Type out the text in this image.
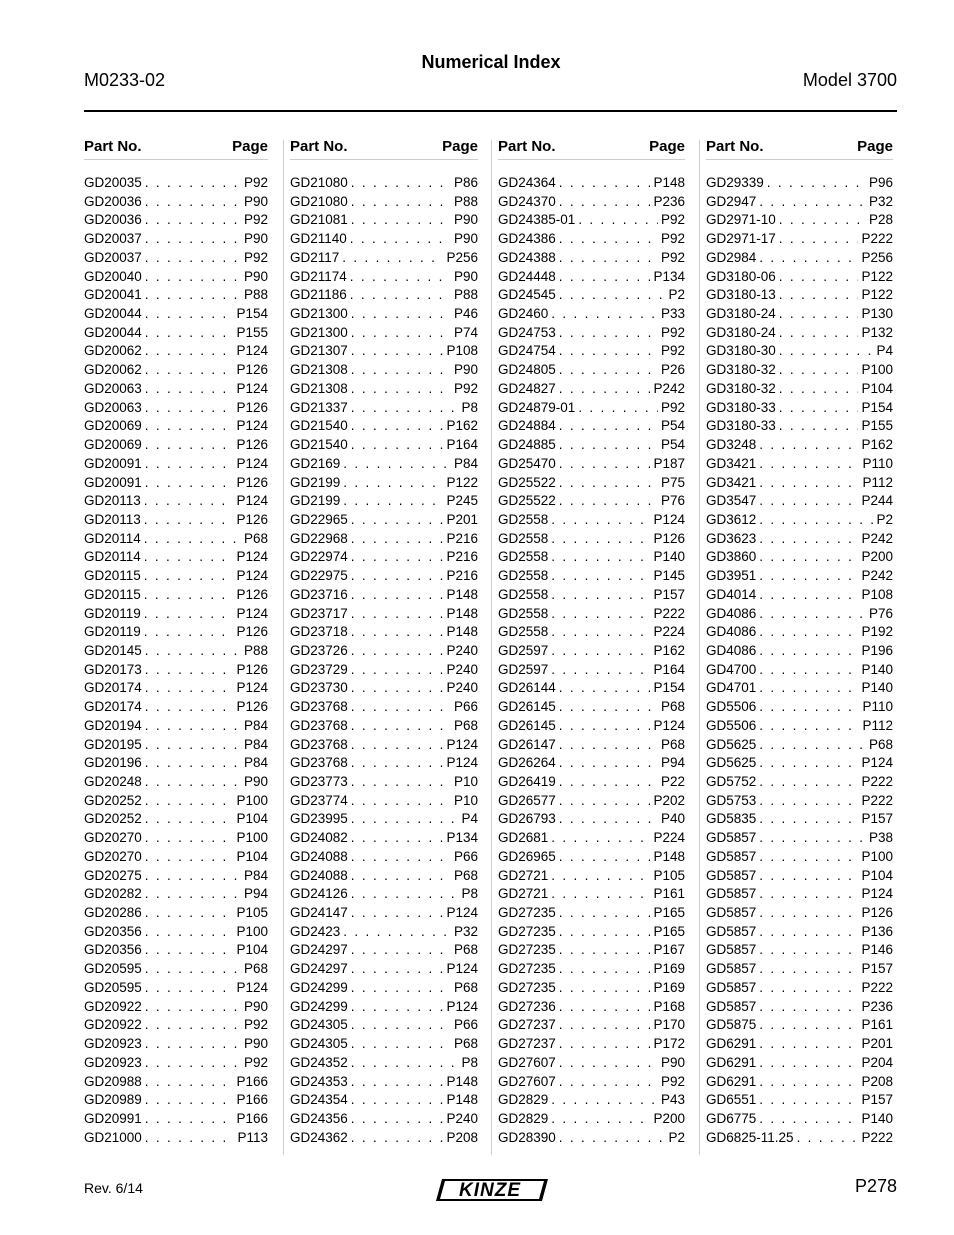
Numerical Index
M0233-02	Model 3700
Part No.	Page
GD20035 . . .	P92
GD20036 . . .	P90
GD20036 . . .	P92
GD20037 . . .	P90
GD20037 . . .	P92
GD20040 . . .	P90
GD20041 . . .	P88
GD20044 . . .	P154
GD20044 . . .	P155
GD20062 . . .	P124
GD20062 . . .	P126
GD20063 . . .	P124
GD20063 . . .	P126
GD20069 . . .	P124
GD20069 . . .	P126
GD20091 . . .	P124
GD20091 . . .	P126
GD20113 . . .	P124
GD20113 . . .	P126
GD20114 . . .	P68
GD20114 . . .	P124
GD20115 . . .	P124
GD20115 . . .	P126
GD20119 . . .	P124
GD20119 . . .	P126
GD20145 . . .	P88
GD20173 . . .	P126
GD20174 . . .	P124
GD20174 . . .	P126
GD20194 . . .	P84
GD20195 . . .	P84
GD20196 . . .	P84
GD20248 . . .	P90
GD20252 . . .	P100
GD20252 . . .	P104
GD20270 . . .	P100
GD20270 . . .	P104
GD20275 . . .	P84
GD20282 . . .	P94
GD20286 . . .	P105
GD20356 . . .	P100
GD20356 . . .	P104
GD20595 . . .	P68
GD20595 . . .	P124
GD20922 . . .	P90
GD20922 . . .	P92
GD20923 . . .	P90
GD20923 . . .	P92
GD20988 . . .	P166
GD20989 . . .	P166
GD20991 . . .	P166
GD21000 . . .	P113
Part No.	Page
GD21080 . . .	P86
GD21080 . . .	P88
GD21081 . . .	P90
GD21140 . . .	P90
GD2117 . . .	P256
GD21174 . . .	P90
GD21186 . . .	P88
GD21300 . . .	P46
GD21300 . . .	P74
GD21307 . . .	P108
GD21308 . . .	P90
GD21308 . . .	P92
GD21337 . . .	P8
GD21540 . . .	P162
GD21540 . . .	P164
GD2169 . . .	P84
GD2199 . . .	P122
GD2199 . . .	P245
GD22965 . . .	P201
GD22968 . . .	P216
GD22974 . . .	P216
GD22975 . . .	P216
GD23716 . . .	P148
GD23717 . . .	P148
GD23718 . . .	P148
GD23726 . . .	P240
GD23729 . . .	P240
GD23730 . . .	P240
GD23768 . . .	P66
GD23768 . . .	P68
GD23768 . . .	P124
GD23768 . . .	P124
GD23773 . . .	P10
GD23774 . . .	P10
GD23995 . . .	P4
GD24082 . . .	P134
GD24088 . . .	P66
GD24088 . . .	P68
GD24126 . . .	P8
GD24147 . . .	P124
GD2423 . . .	P32
GD24297 . . .	P68
GD24297 . . .	P124
GD24299 . . .	P68
GD24299 . . .	P124
GD24305 . . .	P66
GD24305 . . .	P68
GD24352 . . .	P8
GD24353 . . .	P148
GD24354 . . .	P148
GD24356 . . .	P240
GD24362 . . .	P208
Part No.	Page
GD24364 . . .	P148
GD24370 . . .	P236
GD24385-01 . . .	P92
GD24386 . . .	P92
GD24388 . . .	P92
GD24448 . . .	P134
GD24545 . . .	P2
GD2460 . . .	P33
GD24753 . . .	P92
GD24754 . . .	P92
GD24805 . . .	P26
GD24827 . . .	P242
GD24879-01 . . .	P92
GD24884 . . .	P54
GD24885 . . .	P54
GD25470 . . .	P187
GD25522 . . .	P75
GD25522 . . .	P76
GD2558 . . .	P124
GD2558 . . .	P126
GD2558 . . .	P140
GD2558 . . .	P145
GD2558 . . .	P157
GD2558 . . .	P222
GD2558 . . .	P224
GD2597 . . .	P162
GD2597 . . .	P164
GD26144 . . .	P154
GD26145 . . .	P68
GD26145 . . .	P124
GD26147 . . .	P68
GD26264 . . .	P94
GD26419 . . .	P22
GD26577 . . .	P202
GD26793 . . .	P40
GD2681 . . .	P224
GD26965 . . .	P148
GD2721 . . .	P105
GD2721 . . .	P161
GD27235 . . .	P165
GD27235 . . .	P165
GD27235 . . .	P167
GD27235 . . .	P169
GD27235 . . .	P169
GD27236 . . .	P168
GD27237 . . .	P170
GD27237 . . .	P172
GD27607 . . .	P90
GD27607 . . .	P92
GD2829 . . .	P43
GD2829 . . .	P200
GD28390 . . .	P2
Part No.	Page
GD29339 . . .	P96
GD2947 . . .	P32
GD2971-10 . . .	P28
GD2971-17 . . .	P222
GD2984 . . .	P256
GD3180-06 . . .	P122
GD3180-13 . . .	P122
GD3180-24 . . .	P130
GD3180-24 . . .	P132
GD3180-30 . . .	P4
GD3180-32 . . .	P100
GD3180-32 . . .	P104
GD3180-33 . . .	P154
GD3180-33 . . .	P155
GD3248 . . .	P162
GD3421 . . .	P110
GD3421 . . .	P112
GD3547 . . .	P244
GD3612 . . .	P2
GD3623 . . .	P242
GD3860 . . .	P200
GD3951 . . .	P242
GD4014 . . .	P108
GD4086 . . .	P76
GD4086 . . .	P192
GD4086 . . .	P196
GD4700 . . .	P140
GD4701 . . .	P140
GD5506 . . .	P110
GD5506 . . .	P112
GD5625 . . .	P68
GD5625 . . .	P124
GD5752 . . .	P222
GD5753 . . .	P222
GD5835 . . .	P157
GD5857 . . .	P38
GD5857 . . .	P100
GD5857 . . .	P104
GD5857 . . .	P124
GD5857 . . .	P126
GD5857 . . .	P136
GD5857 . . .	P146
GD5857 . . .	P157
GD5857 . . .	P222
GD5857 . . .	P236
GD5875 . . .	P161
GD6291 . . .	P201
GD6291 . . .	P204
GD6291 . . .	P208
GD6551 . . .	P157
GD6775 . . .	P140
GD6825-11.25 . . .	P222
Rev. 6/14	KINZE	P278
